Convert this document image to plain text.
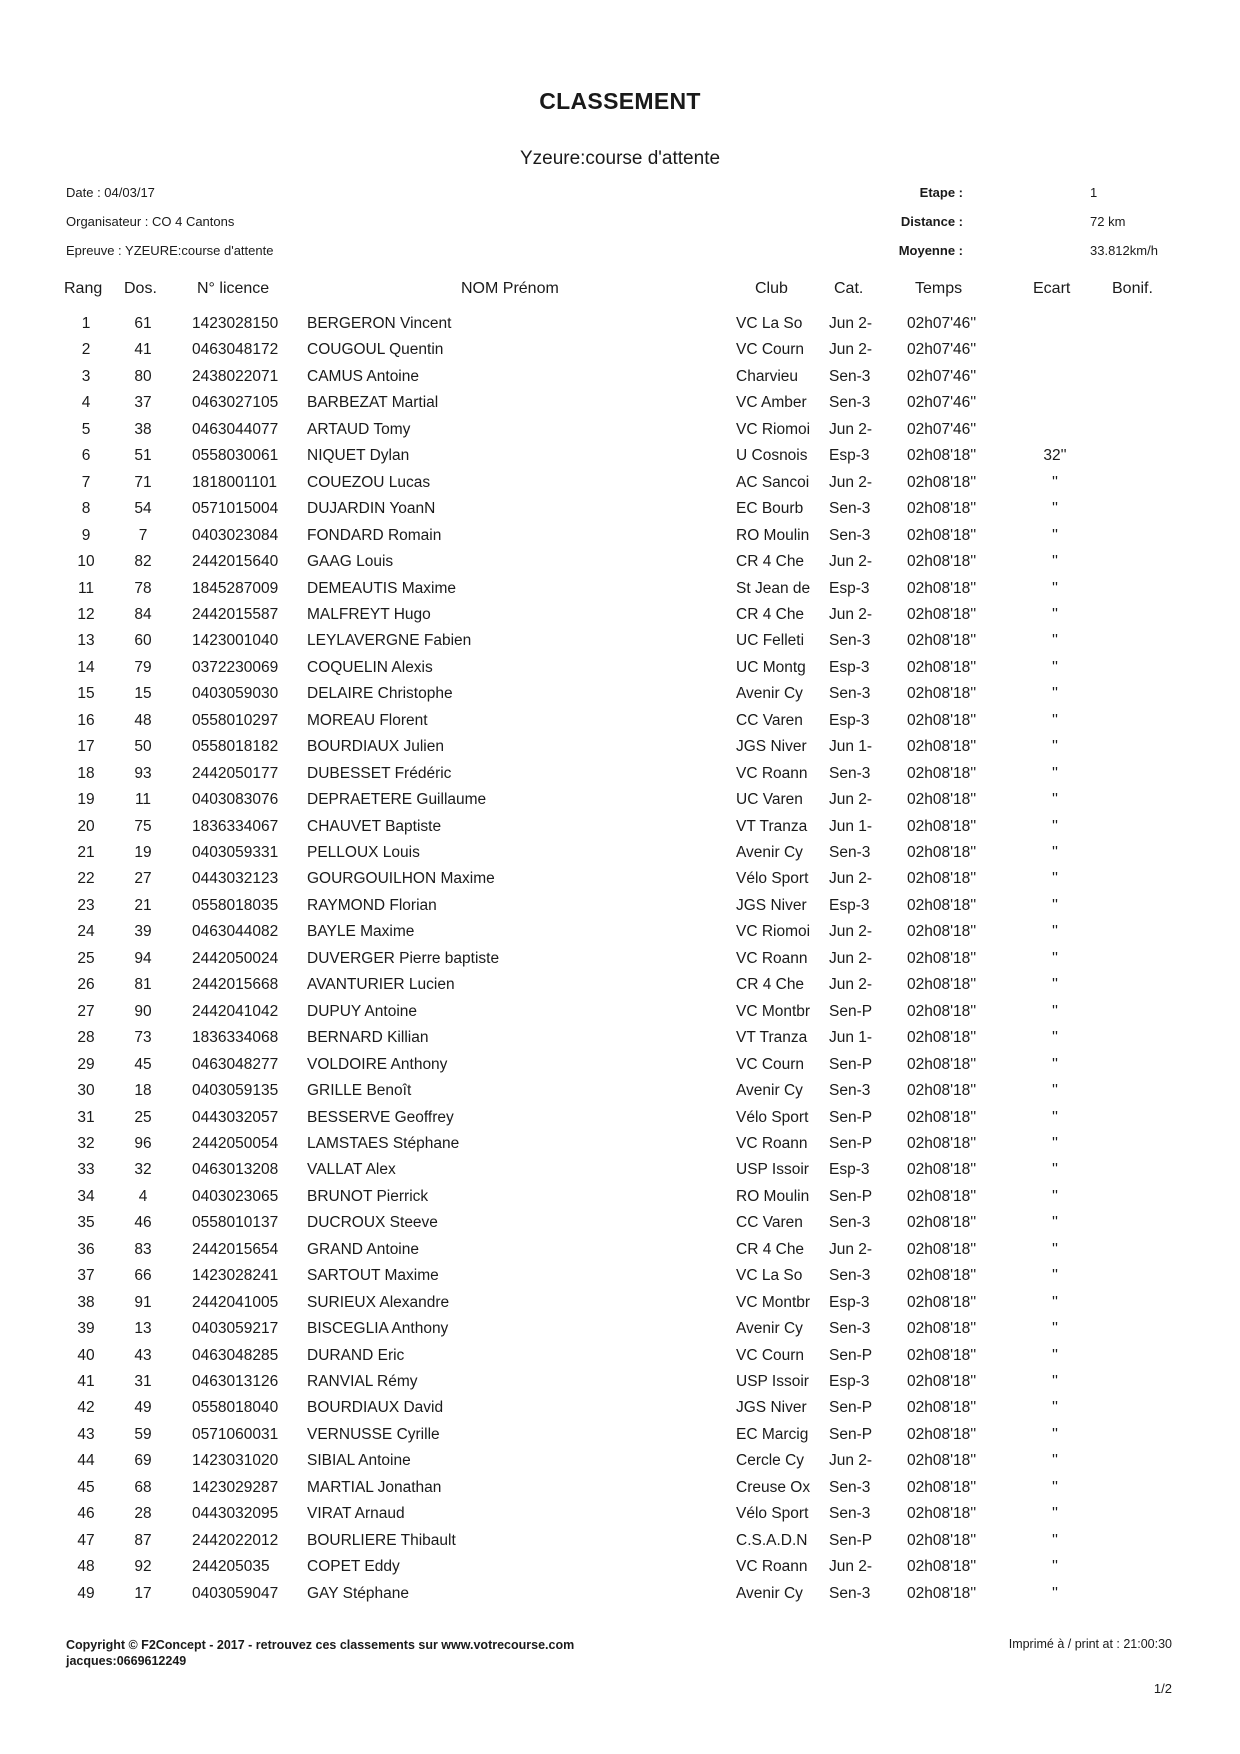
CLASSEMENT
Yzeure:course d'attente
Date : 04/03/17
Organisateur : CO 4 Cantons
Epreuve : YZEURE:course d'attente
Etape :	1
Distance :	72 km
Moyenne :	33.812km/h
Rang Dos.	N° licence	NOM Prénom	Club	Cat.	Temps	Ecart	Bonif.
1	61	1423028150 BERGERON Vincent	VC La So	Jun 2- 02h07'46''
2	41	0463048172 COUGOUL Quentin	VC Courn	Jun 2- 02h07'46''
3	80	2438022071 CAMUS Antoine	Charvieu	Sen-3 02h07'46''
4	37	0463027105 BARBEZAT Martial	VC Amber	Sen-3 02h07'46''
5	38	0463044077 ARTAUD Tomy	VC Riomoi	Jun 2- 02h07'46''
6	51	0558030061 NIQUET Dylan	U Cosnois	Esp-3 02h08'18''	32''
7	71	1818001101 COUEZOU Lucas	AC Sancoi	Jun 2- 02h08'18''	''
8	54	0571015004 DUJARDIN YoanN	EC Bourb	Sen-3 02h08'18''	''
9	7	0403023084 FONDARD Romain	RO Moulin	Sen-3 02h08'18''	''
10	82	2442015640 GAAG Louis	CR 4 Che	Jun 2- 02h08'18''	''
11	78	1845287009 DEMEAUTIS Maxime	St Jean de	Esp-3 02h08'18''	''
12	84	2442015587 MALFREYT Hugo	CR 4 Che	Jun 2- 02h08'18''	''
13	60	1423001040 LEYLAVERGNE Fabien	UC Felleti	Sen-3 02h08'18''	''
14	79	0372230069 COQUELIN Alexis	UC Montg	Esp-3 02h08'18''	''
15	15	0403059030 DELAIRE Christophe	Avenir Cy	Sen-3 02h08'18''	''
16	48	0558010297 MOREAU Florent	CC Varen	Esp-3 02h08'18''	''
17	50	0558018182 BOURDIAUX Julien	JGS Niver	Jun 1- 02h08'18''	''
18	93	2442050177 DUBESSET Frédéric	VC Roann	Sen-3 02h08'18''	''
19	11	0403083076 DEPRAETERE Guillaume	UC Varen	Jun 2- 02h08'18''	''
20	75	1836334067 CHAUVET Baptiste	VT Tranza	Jun 1- 02h08'18''	''
21	19	0403059331 PELLOUX Louis	Avenir Cy	Sen-3 02h08'18''	''
22	27	0443032123 GOURGOUILHON Maxime	Vélo Sport	Jun 2- 02h08'18''	''
23	21	0558018035 RAYMOND Florian	JGS Niver	Esp-3 02h08'18''	''
24	39	0463044082 BAYLE Maxime	VC Riomoi	Jun 2- 02h08'18''	''
25	94	2442050024 DUVERGER Pierre baptiste	VC Roann	Jun 2- 02h08'18''	''
26	81	2442015668 AVANTURIER Lucien	CR 4 Che	Jun 2- 02h08'18''	''
27	90	2442041042 DUPUY Antoine	VC Montbr	Sen-P 02h08'18''	''
28	73	1836334068 BERNARD Killian	VT Tranza	Jun 1- 02h08'18''	''
29	45	0463048277 VOLDOIRE Anthony	VC Courn	Sen-P 02h08'18''	''
30	18	0403059135 GRILLE Benoît	Avenir Cy	Sen-3 02h08'18''	''
31	25	0443032057 BESSERVE Geoffrey	Vélo Sport	Sen-P 02h08'18''	''
32	96	2442050054 LAMSTAES Stéphane	VC Roann	Sen-P 02h08'18''	''
33	32	0463013208 VALLAT Alex	USP Issoir	Esp-3 02h08'18''	''
34	4	0403023065 BRUNOT Pierrick	RO Moulin	Sen-P 02h08'18''	''
35	46	0558010137 DUCROUX Steeve	CC Varen	Sen-3 02h08'18''	''
36	83	2442015654 GRAND Antoine	CR 4 Che	Jun 2- 02h08'18''	''
37	66	1423028241 SARTOUT Maxime	VC La So	Sen-3 02h08'18''	''
38	91	2442041005 SURIEUX Alexandre	VC Montbr	Esp-3 02h08'18''	''
39	13	0403059217 BISCEGLIA Anthony	Avenir Cy	Sen-3 02h08'18''	''
40	43	0463048285 DURAND Eric	VC Courn	Sen-P 02h08'18''	''
41	31	0463013126 RANVIAL Rémy	USP Issoir	Esp-3 02h08'18''	''
42	49	0558018040 BOURDIAUX David	JGS Niver	Sen-P 02h08'18''	''
43	59	0571060031 VERNUSSE Cyrille	EC Marcig	Sen-P 02h08'18''	''
44	69	1423031020 SIBIAL Antoine	Cercle Cy	Jun 2- 02h08'18''	''
45	68	1423029287 MARTIAL Jonathan	Creuse Ox	Sen-3 02h08'18''	''
46	28	0443032095 VIRAT Arnaud	Vélo Sport	Sen-3 02h08'18''	''
47	87	2442022012 BOURLIERE Thibault	C.S.A.D.N	Sen-P 02h08'18''	''
48	92	244205035 COPET Eddy	VC Roann	Jun 2- 02h08'18''	''
49	17	0403059047 GAY Stéphane	Avenir Cy	Sen-3 02h08'18''	''
Copyright © F2Concept - 2017 - retrouvez ces classements sur www.votrecourse.com
jacques:0669612249
Imprimé à / print at : 21:00:30
1/2
